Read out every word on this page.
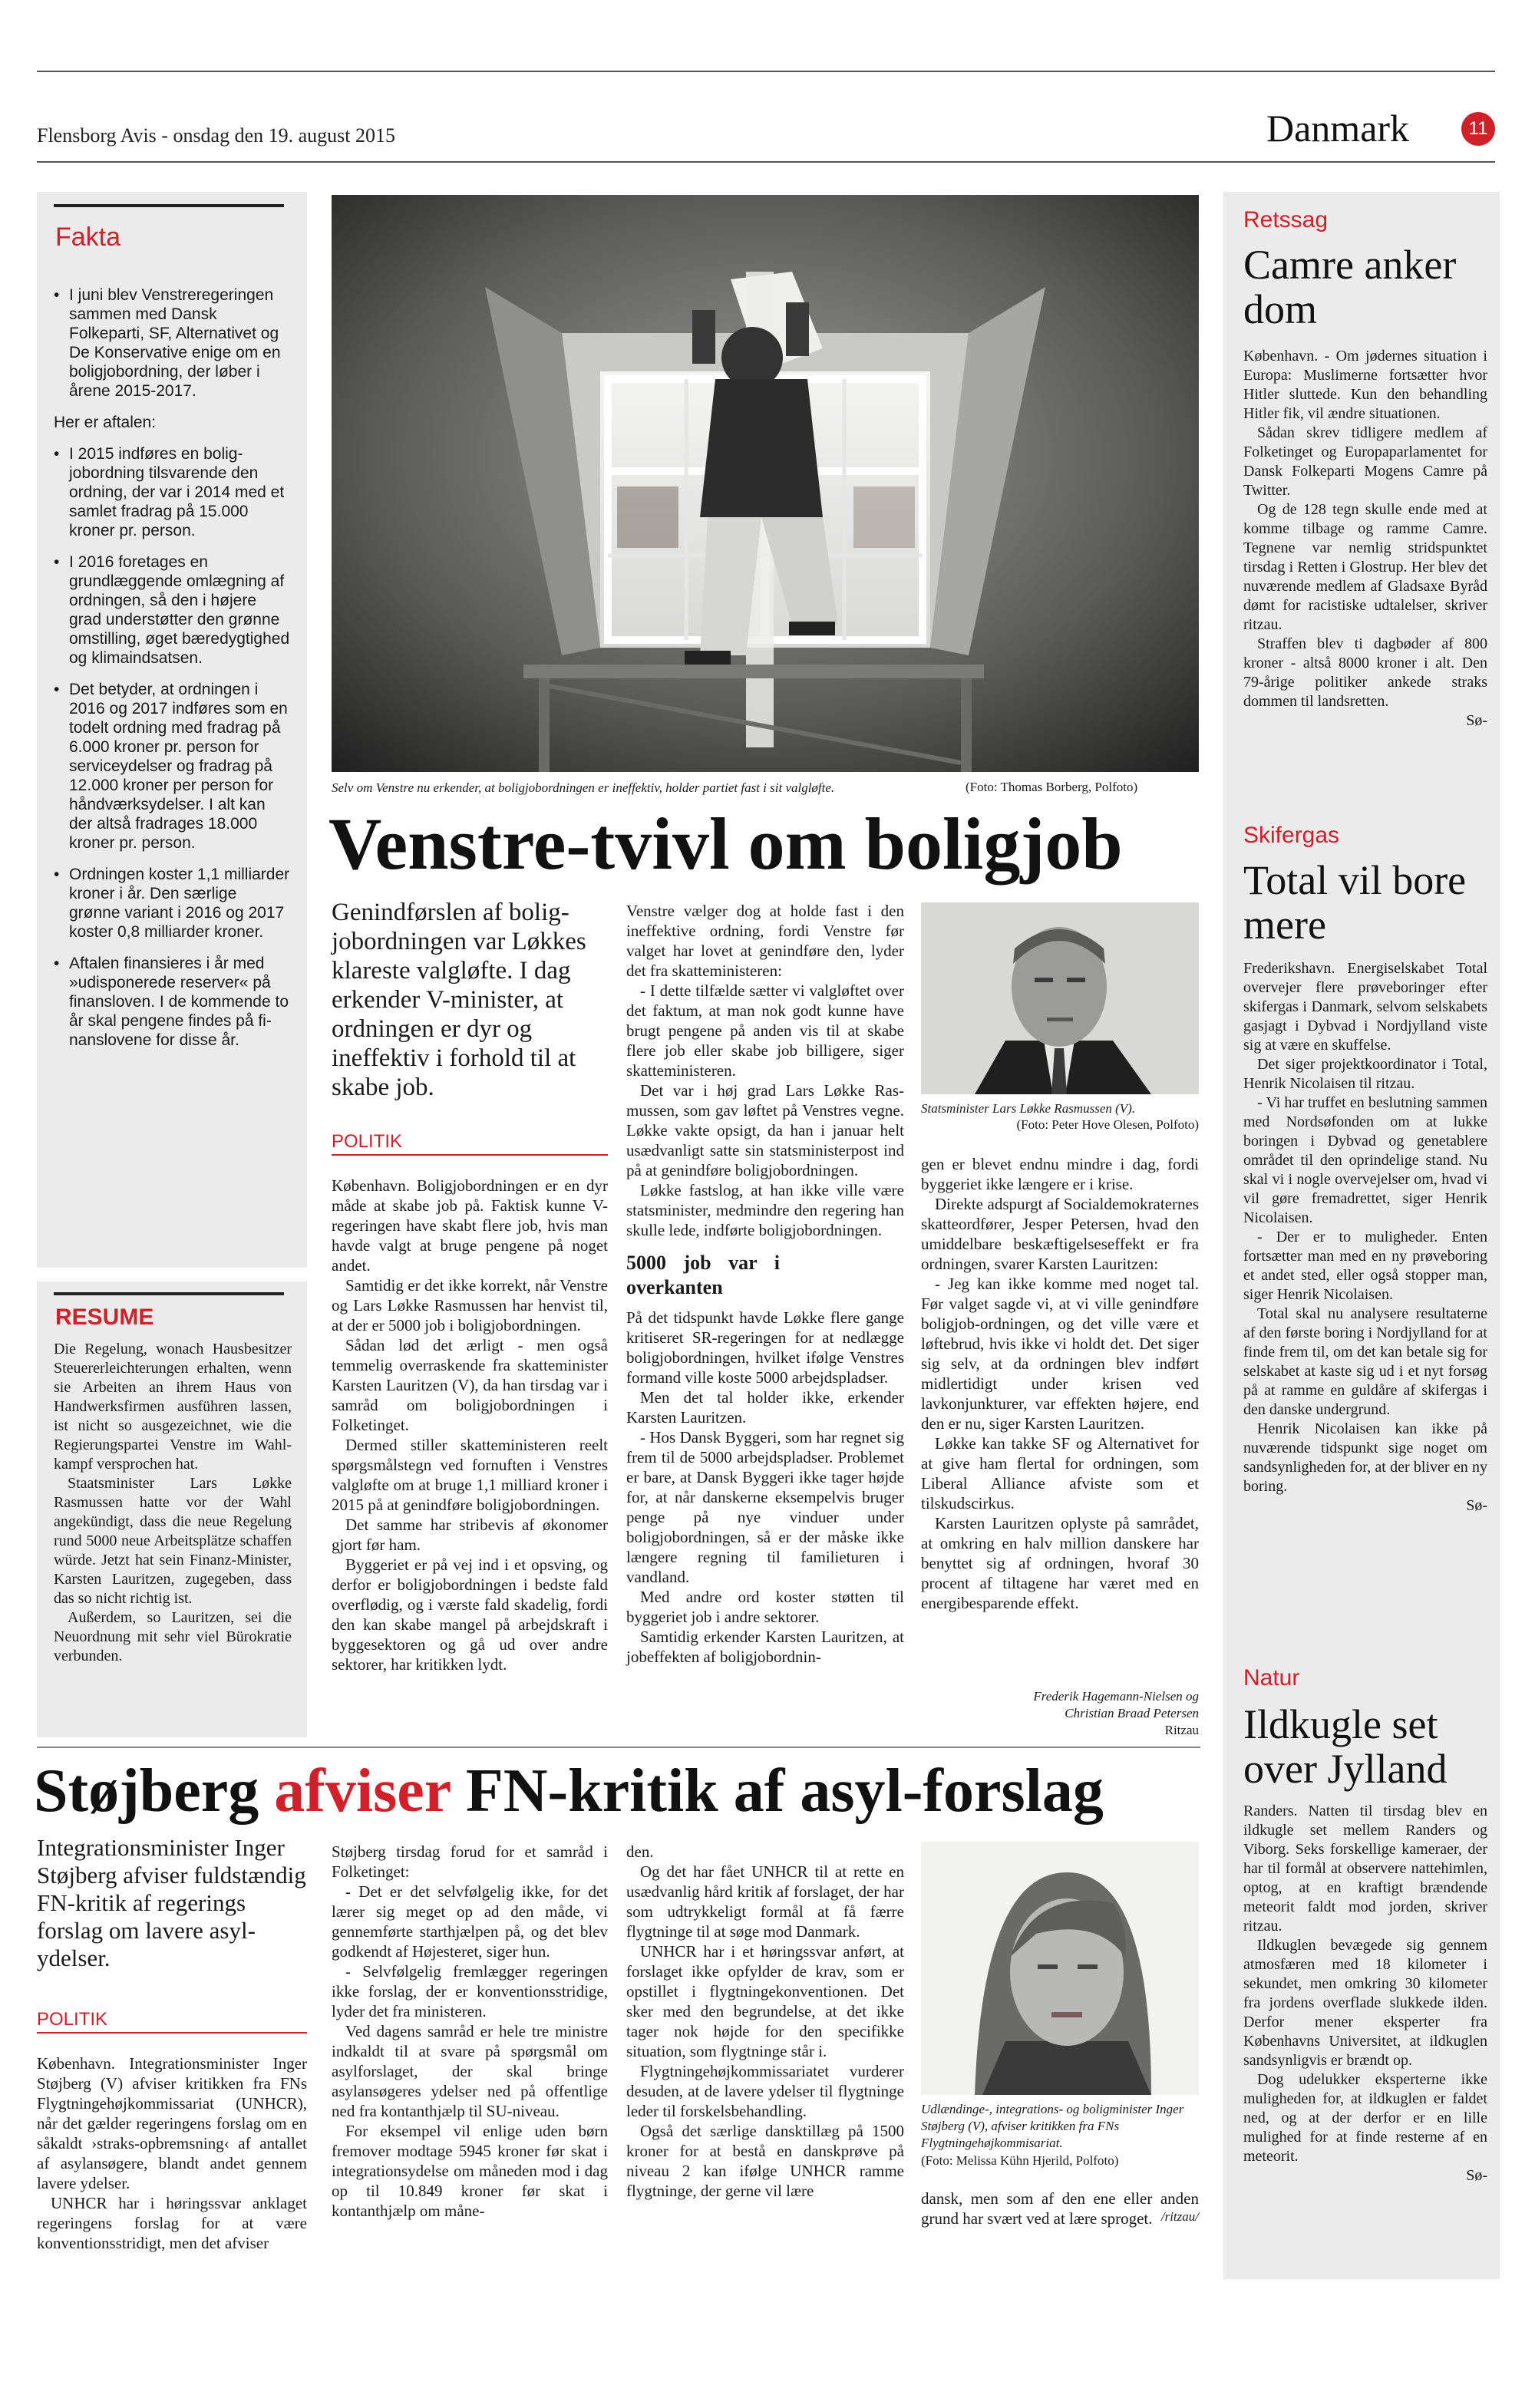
Flensborg Avis - onsdag den 19. august 2015	Danmark	11
Fakta
• I juni blev Venstreregeringen sammen med Dansk Folkeparti, SF, Alternativet og De Konservative enige om en boligjobordning, der løber i årene 2015-2017.
Her er aftalen:
• I 2015 indføres en boligjobordning tilsvarende den ordning, der var i 2014 med et samlet fradrag på 15.000 kroner pr. person.
• I 2016 foretages en grundlæggende omlægning af ordningen, så den i højere grad understøtter den grønne omstilling, øget bæredygtighed og klimaindsatsen.
• Det betyder, at ordningen i 2016 og 2017 indføres som en todelt ordning med fradrag på 6.000 kroner pr. person for serviceydelser og fradrag på 12.000 kroner per person for håndværksydelser. I alt kan der altså fradrages 18.000 kroner pr. person.
• Ordningen koster 1,1 milliarder kroner i år. Den særlige grønne variant i 2016 og 2017 koster 0,8 milliarder kroner.
• Aftalen finansieres i år med »udisponerede reserver« på finansloven. I de kommende to år skal pengene findes på finanslovene for disse år.
RESUME

Die Regelung, wonach Hausbesitzer Steuererleichterungen erhalten, wenn sie Arbeiten an ihrem Haus von Handwerksfirmen ausführen lassen, ist nicht so ausgezeichnet, wie die Regierungspartei Venstre im Wahlkampf versprochen hat.

Staatsminister Lars Løkke Rasmussen hatte vor der Wahl angekündigt, dass die neue Regelung rund 5000 neue Arbeitsplätze schaffen würde. Jetzt hat sein Finanz-Minister, Karsten Lauritzen, zugegeben, dass das so nicht richtig ist.

Außerdem, so Lauritzen, sei die Neuordnung mit sehr viel Bürokratie verbunden.

Selv om Venstre nu erkender, at boligjobordningen er ineffektiv, holder partiet fast i sit valgløfte.	(Foto: Thomas Borberg, Polfoto)
Venstre-tvivl om boligjob
Genindførslen af boligjobordningen var Løkkes klareste valgløfte. I dag erkender V-minister, at ordningen er dyr og ineffektiv i forhold til at skabe job.
POLITIK

København. Boligjobordningen er en dyr måde at skabe job på. Faktisk kunne V-regeringen have skabt flere job, hvis man havde valgt at bruge pengene på noget andet.

Samtidig er det ikke korrekt, når Venstre og Lars Løkke Rasmussen har henvist til, at der er 5000 job i boligjobordningen.

Sådan lød det ærligt - men også temmelig overraskende fra skatteminister Karsten Lauritzen (V), da han tirsdag var i samråd om boligjobordningen i Folketinget.

Dermed stiller skatteministeren reelt spørgsmålstegn ved fornuften i Venstres valgløfte om at bruge 1,1 milliard kroner i 2015 på at genindføre boligjobordningen.

Det samme har stribevis af økonomer gjort før ham.

Byggeriet er på vej ind i et opsving, og derfor er boligjobordningen i bedste fald overflødig, og i værste fald skadelig, fordi den kan skabe mangel på arbejdskraft i byggesektoren og gå ud over andre sektorer, har kritikken lydt.

Venstre vælger dog at holde fast i den ineffektive ordning, fordi Venstre før valget har lovet at genindføre den, lyder det fra skatteministeren:

- I dette tilfælde sætter vi valgløftet over det faktum, at man nok godt kunne have brugt pengene på anden vis til at skabe flere job eller skabe job billigere, siger skatteministeren.

Det var i høj grad Lars Løkke Rasmussen, som gav løftet på Venstres vegne. Løkke vakte opsigt, da han i januar helt usædvanligt satte sin statsministerpost ind på at genindføre boligjobordningen.

Løkke fastslog, at han ikke ville være statsminister, medmindre den regering han skulle lede, indførte boligjobordningen.

5000 job var i overkanten

På det tidspunkt havde Løkke flere gange kritiseret SR-regeringen for at nedlægge boligjobordningen, hvilket ifølge Venstres formand ville koste 5000 arbejdspladser.

Men det tal holder ikke, erkender Karsten Lauritzen.

- Hos Dansk Byggeri, som har regnet sig frem til de 5000 arbejdspladser. Problemet er bare, at Dansk Byggeri ikke tager højde for, at når danskerne eksempelvis bruger penge på nye vinduer under boligjobordningen, så er der måske ikke længere regning til familieturen i vandland.

Med andre ord koster støtten til byggeriet job i andre sektorer.

Samtidig erkender Karsten Lauritzen, at jobeffekten af boligjobordnin-

Statsminister Lars Løkke Rasmussen (V).
(Foto: Peter Hove Olesen, Polfoto)

gen er blevet endnu mindre i dag, fordi byggeriet ikke længere er i krise.

Direkte adspurgt af Socialdemokraternes skatteordfører, Jesper Petersen, hvad den umiddelbare beskæftigelseseffekt er fra ordningen, svarer Karsten Lauritzen:

- Jeg kan ikke komme med noget tal. Før valget sagde vi, at vi ville genindføre boligjob-ordningen, og det ville være et løftebrud, hvis ikke vi holdt det. Det siger sig selv, at da ordningen blev indført midlertidigt under krisen ved lavkonjunkturer, var effekten højere, end den er nu, siger Karsten Lauritzen.

Løkke kan takke SF og Alternativet for at give ham flertal for ordningen, som Liberal Alliance afviste som et tilskudscirkus.

Karsten Lauritzen oplyste på samrådet, at omkring en halv million danskere har benyttet sig af ordningen, hvoraf 30 procent af tiltagene har været med en energibesparende effekt.

Frederik Hagemann-Nielsen og
Christian Braad Petersen
Ritzau
Retssag
Camre anker dom

København. - Om jødernes situation i Europa: Muslimerne fortsætter hvor Hitler sluttede. Kun den behandling Hitler fik, vil ændre situationen.

Sådan skrev tidligere medlem af Folketinget og Europaparlamentet for Dansk Folkeparti Mogens Camre på Twitter.

Og de 128 tegn skulle ende med at komme tilbage og ramme Camre. Tegnene var nemlig stridspunktet tirsdag i Retten i Glostrup. Her blev det nuværende medlem af Gladsaxe Byråd dømt for racistiske udtalelser, skriver ritzau.

Straffen blev ti dagbøder af 800 kroner - altså 8000 kroner i alt. Den 79-årige politiker ankede straks dommen til landsretten.

Sø-
Skifergas
Total vil bore mere

Frederikshavn. Energiselskabet Total overvejer flere prøveboringer efter skifergas i Danmark, selvom selskabets gasjagt i Dybvad i Nordjylland viste sig at være en skuffelse.

Det siger projektkoordinator i Total, Henrik Nicolaisen til ritzau.

- Vi har truffet en beslutning sammen med Nordsøfonden om at lukke boringen i Dybvad og genetablere området til den oprindelige stand. Nu skal vi i nogle overvejelser om, hvad vi vil gøre fremadrettet, siger Henrik Nicolaisen.

- Der er to muligheder. Enten fortsætter man med en ny prøveboring et andet sted, eller også stopper man, siger Henrik Nicolaisen.

Total skal nu analysere resultaterne af den første boring i Nordjylland for at finde frem til, om det kan betale sig for selskabet at kaste sig ud i et nyt forsøg på at ramme en guldåre af skifergas i den danske undergrund.

Henrik Nicolaisen kan ikke på nuværende tidspunkt sige noget om sandsynligheden for, at der bliver en ny boring.

Sø-
Natur
Ildkugle set over Jylland

Randers. Natten til tirsdag blev en ildkugle set mellem Randers og Viborg. Seks forskellige kameraer, der har til formål at observere nattehimlen, optog, at en kraftigt brændende meteorit faldt mod jorden, skriver ritzau.

Ildkuglen bevægede sig gennem atmosfæren med 18 kilometer i sekundet, men omkring 30 kilometer fra jordens overflade slukkede ilden. Derfor mener eksperter fra Københavns Universitet, at ildkuglen sandsynligvis er brændt op.

Dog udelukker eksperterne ikke muligheden for, at ildkuglen er faldet ned, og at der derfor er en lille mulighed for at finde resterne af en meteorit.

Sø-
Støjberg afviser FN-kritik af asyl-forslag
Integrationsminister Inger Støjberg afviser fuldstændig FN-kritik af regerings forslag om lavere asyl-ydelser.
POLITIK

København. Integrationsminister Inger Støjberg (V) afviser kritikken fra FNs Flygtningehøjkommissariat (UNHCR), når det gælder regeringens forslag om en såkaldt ›straks-opbremsning‹ af antallet af asylansøgere, blandt andet gennem lavere ydelser.

UNHCR har i høringssvar anklaget regeringens forslag for at være konventionsstridigt, men det afviser

Støjberg tirsdag forud for et samråd i Folketinget:

- Det er det selvfølgelig ikke, for det lærer sig meget op ad den måde, vi gennemførte starthjælpen på, og det blev godkendt af Højesteret, siger hun.

- Selvfølgelig fremlægger regeringen ikke forslag, der er konventionsstridige, lyder det fra ministeren.

Ved dagens samråd er hele tre ministre indkaldt til at svare på spørgsmål om asylforslaget, der skal bringe asylansøgeres ydelser ned på offentlige ned fra kontanthjælp til SU-niveau.

For eksempel vil enlige uden børn fremover modtage 5945 kroner før skat i integrationsydelse om måneden mod i dag op til 10.849 kroner før skat i kontanthjælp om måne-

den.

Og det har fået UNHCR til at rette en usædvanlig hård kritik af forslaget, der har som udtrykkeligt formål at få færre flygtninge til at søge mod Danmark.

UNHCR har i et høringssvar anført, at forslaget ikke opfylder de krav, som er opstillet i flygtningekonventionen. Det sker med den begrundelse, at det ikke tager nok højde for den specifikke situation, som flygtninge står i.

Flygtningehøjkommissariatet vurderer desuden, at de lavere ydelser til flygtninge leder til forskelsbehandling.

Også det særlige dansktillæg på 1500 kroner for at bestå en danskprøve på niveau 2 kan ifølge UNHCR ramme flygtninge, der gerne vil lære

Udlændinge-, integrations- og boligminister Inger Støjberg (V), afviser kritikken fra FNs Flygtningehøjkommisariat.
(Foto: Melissa Kühn Hjerild, Polfoto)

dansk, men som af den ene eller anden grund har svært ved at lære sproget. /ritzau/
